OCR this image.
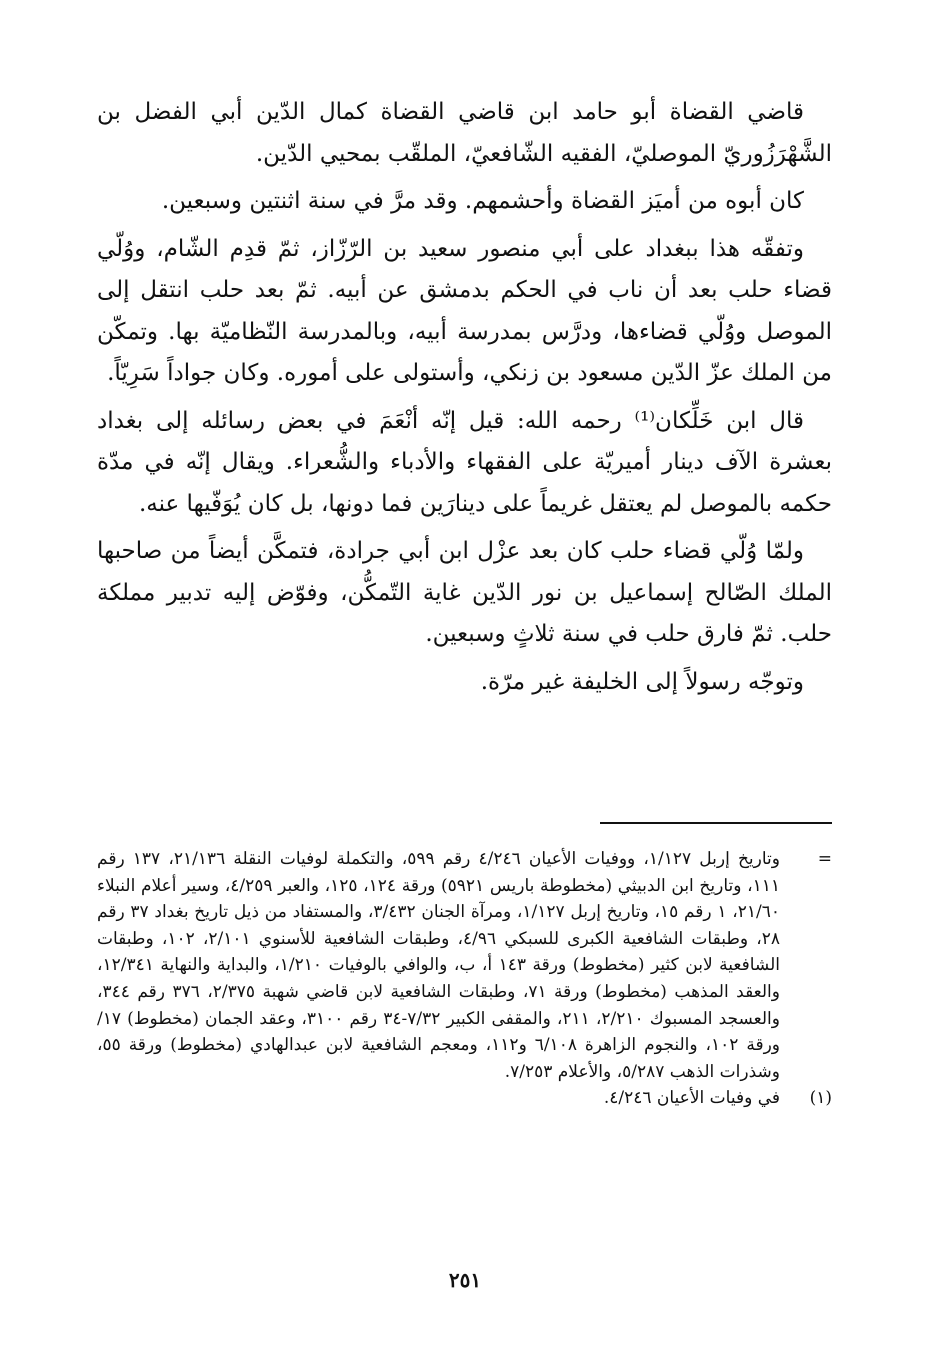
قاضي القضاة أبو حامد ابن قاضي القضاة كمال الدّين أبي الفضل بن الشَّهْرَزُوريّ الموصليّ، الفقيه الشّافعيّ، الملقّب بمحيي الدّين.

كان أبوه من أميَز القضاة وأحشمهم. وقد مرَّ في سنة اثنتين وسبعين.

وتفقّه هذا ببغداد على أبي منصور سعيد بن الرّزّاز، ثمّ قدِم الشّام، ووُلّي قضاء حلب بعد أن ناب في الحكم بدمشق عن أبيه. ثمّ بعد حلب انتقل إلى الموصل ووُلّي قضاءها، ودرَّس بمدرسة أبيه، وبالمدرسة النّظاميّة بها. وتمكّن من الملك عزّ الدّين مسعود بن زنكي، وأستولى على أموره. وكان جواداً سَرِيّاً.

قال ابن خَلِّكان⁽¹⁾ رحمه الله: قيل إنّه أنْعَمَ في بعض رسائله إلى بغداد بعشرة الآف دينار أميريّة على الفقهاء والأدباء والشُّعراء. ويقال إنّه في مدّة حكمه بالموصل لم يعتقل غريماً على دينارَين فما دونها، بل كان يُوَفّيها عنه.

ولمّا وُلّي قضاء حلب كان بعد عزْل ابن أبي جرادة، فتمكَّن أيضاً من صاحبها الملك الصّالح إسماعيل بن نور الدّين غاية التّمكُّن، وفوّض إليه تدبير مملكة حلب. ثمّ فارق حلب في سنة ثلاثٍ وسبعين.

وتوجّه رسولاً إلى الخليفة غير مرّة.

=
وتاريخ إربل ١/١٢٧، ووفيات الأعيان ٤/٢٤٦ رقم ٥٩٩، والتكملة لوفيات النقلة ٢١/١٣٦، ١٣٧ رقم ١١١، وتاريخ ابن الدبيثي (مخطوطة باريس ٥٩٢١) ورقة ١٢٤، ١٢٥، والعبر ٤/٢٥٩، وسير أعلام النبلاء ٢١/٦٠، ١ رقم ١٥، وتاريخ إربل ١/١٢٧، ومرآة الجنان ٣/٤٣٢، والمستفاد من ذيل تاريخ بغداد ٣٧ رقم ٢٨، وطبقات الشافعية الكبرى للسبكي ٤/٩٦، وطبقات الشافعية للأسنوي ٢/١٠١، ١٠٢، وطبقات الشافعية لابن كثير (مخطوط) ورقة ١٤٣ أ، ب، والوافي بالوفيات ١/٢١٠، والبداية والنهاية ١٢/٣٤١، والعقد المذهب (مخطوط) ورقة ٧١، وطبقات الشافعية لابن قاضي شهبة ٢/٣٧٥، ٣٧٦ رقم ٣٤٤، والعسجد المسبوك ٢/٢١٠، ٢١١، والمقفى الكبير ٧/٣٢-٣٤ رقم ٣١٠٠، وعقد الجمان (مخطوط) ١٧/ورقة ١٠٢، والنجوم الزاهرة ٦/١٠٨ و١١٢، ومعجم الشافعية لابن عبدالهادي (مخطوط) ورقة ٥٥، وشذرات الذهب ٥/٢٨٧، والأعلام ٧/٢٥٣.
(١)
في وفيات الأعيان ٤/٢٤٦.
٢٥١
